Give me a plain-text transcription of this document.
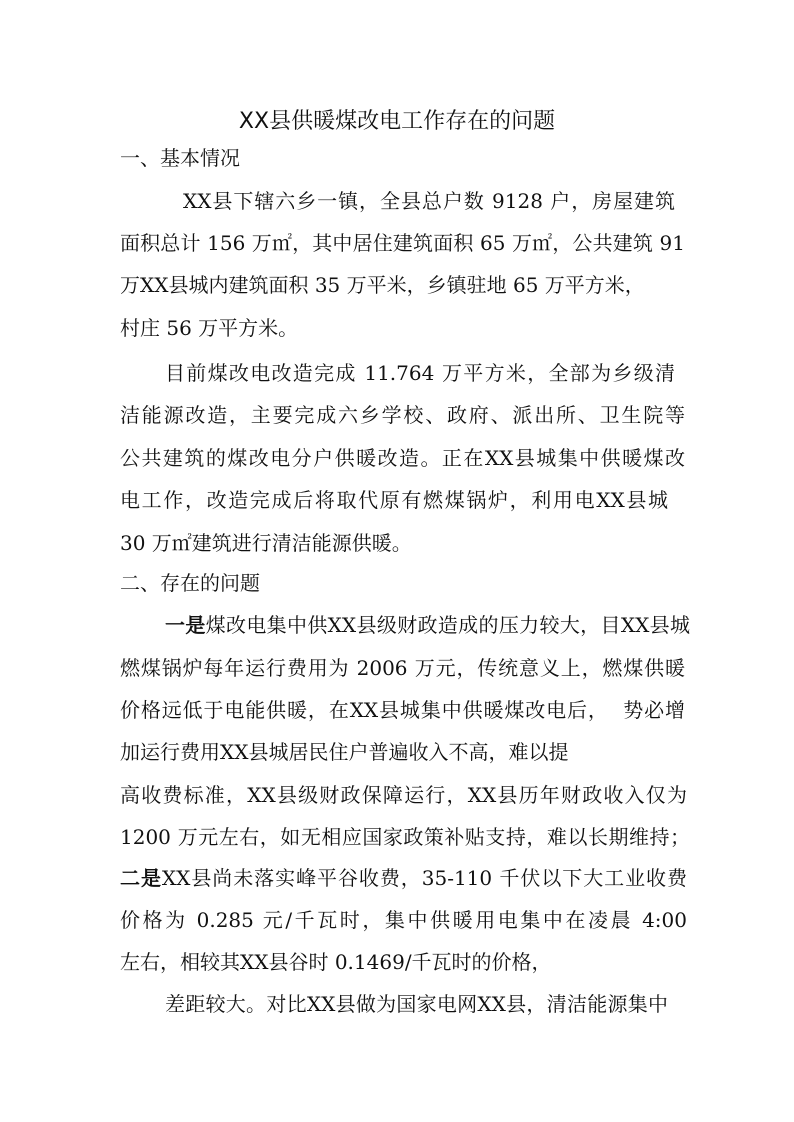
XX县供暖煤改电工作存在的问题
一、基本情况
XX县下辖六乡一镇，全县总户数 9128 户，房屋建筑
面积总计 156 万㎡，其中居住建筑面积 65 万㎡，公共建筑 91
万XX县城内建筑面积 35 万平米，乡镇驻地 65 万平方米，
村庄 56 万平方米。
目前煤改电改造完成 11.764 万平方米，全部为乡级清
洁能源改造，主要完成六乡学校、政府、派出所、卫生院等
公共建筑的煤改电分户供暖改造。正在XX县城集中供暖煤改
电工作，改造完成后将取代原有燃煤锅炉，利用电XX县城
30 万㎡建筑进行清洁能源供暖。
二、存在的问题
一是煤改电集中供XX县级财政造成的压力较大，目XX县城
燃煤锅炉每年运行费用为 2006 万元，传统意义上，燃煤供暖
价格远低于电能供暖，在XX县城集中供暖煤改电后，  势必增
加运行费用XX县城居民住户普遍收入不高，难以提
高收费标准，XX县级财政保障运行，XX县历年财政收入仅为
1200 万元左右，如无相应国家政策补贴支持，难以长期维持；
二是XX县尚未落实峰平谷收费，35-110 千伏以下大工业收费
价格为 0.285 元/千瓦时，集中供暖用电集中在凌晨 4:00
左右，相较其XX县谷时 0.1469/千瓦时的价格，
差距较大。对比XX县做为国家电网XX县，清洁能源集中
